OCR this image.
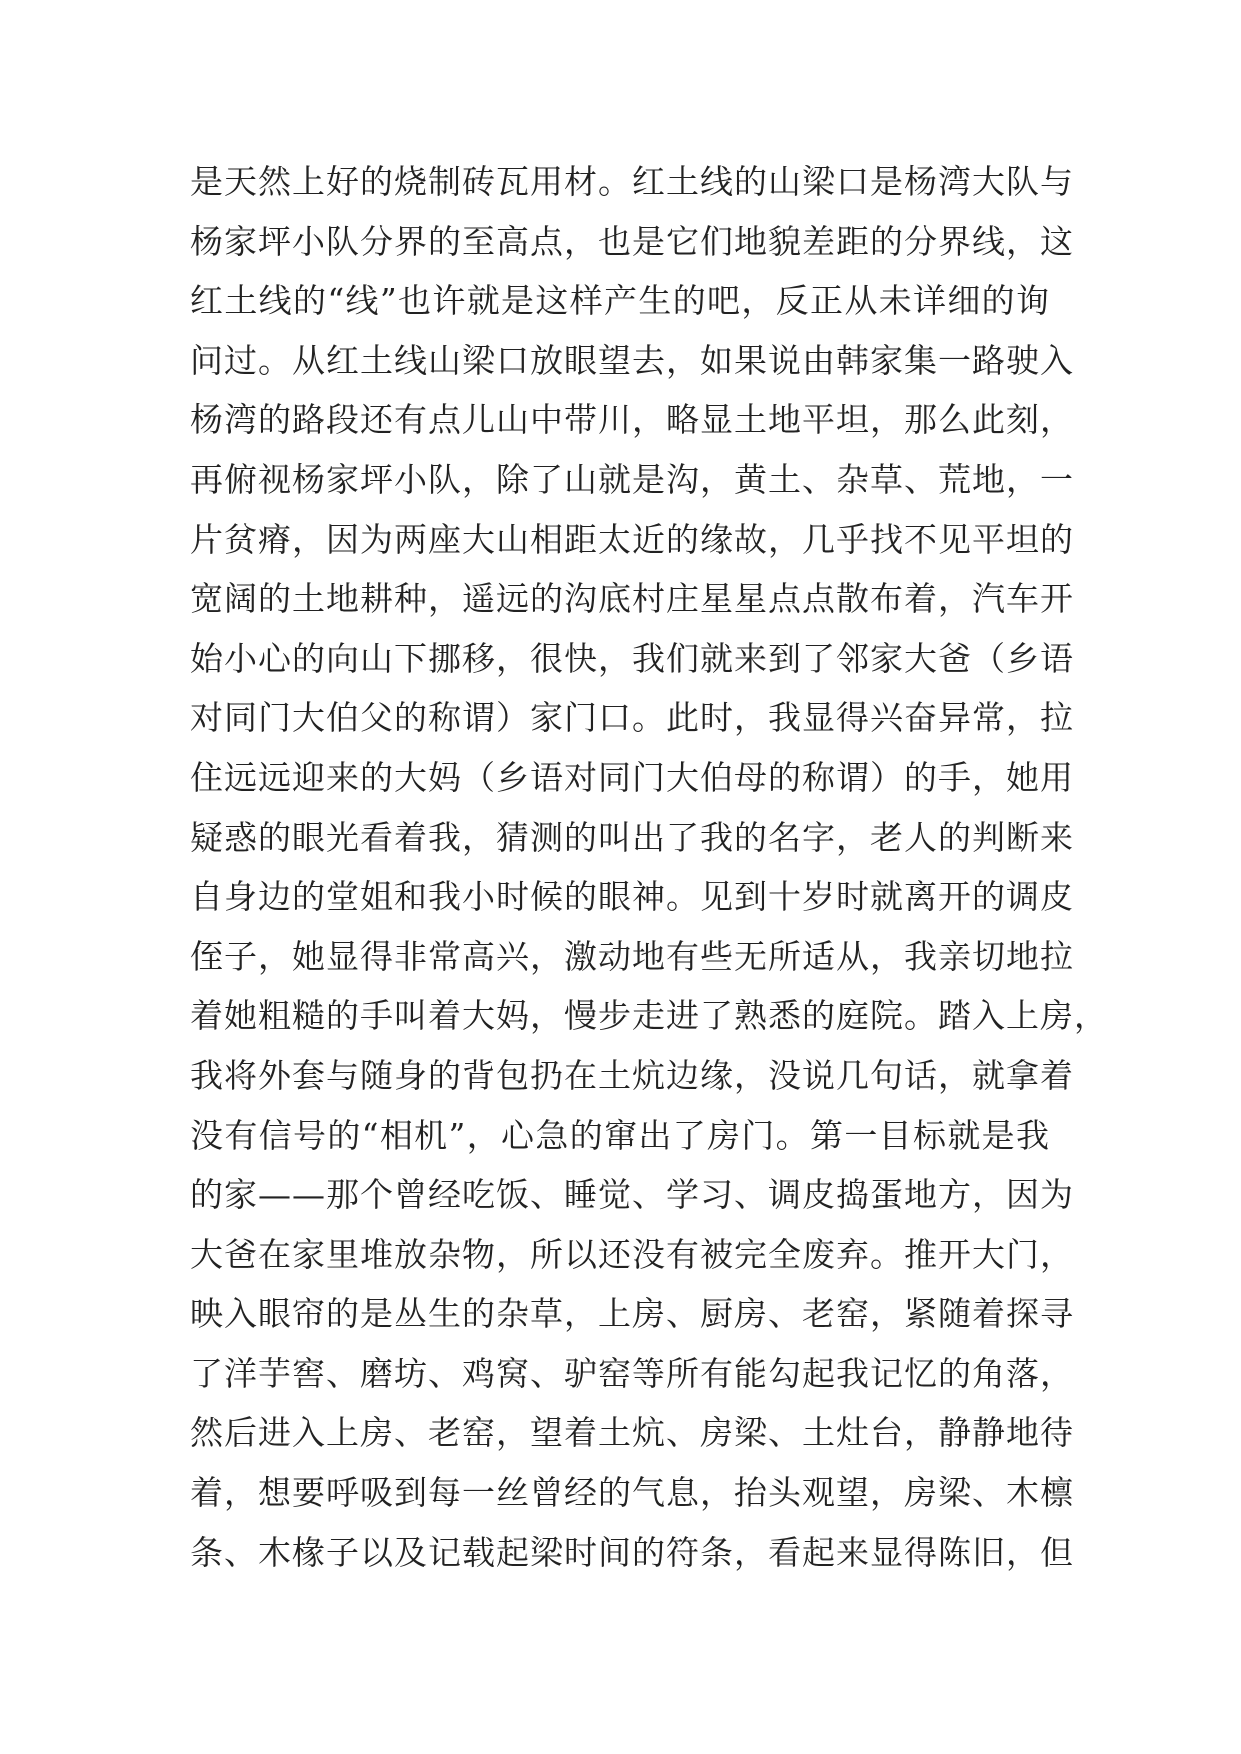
是天然上好的烧制砖瓦用材。红土线的山梁口是杨湾大队与
杨家坪小队分界的至高点，也是它们地貌差距的分界线，这
红土线的“线”也许就是这样产生的吧，反正从未详细的询
问过。从红土线山梁口放眼望去，如果说由韩家集一路驶入
杨湾的路段还有点儿山中带川，略显土地平坦，那么此刻，
再俯视杨家坪小队，除了山就是沟，黄土、杂草、荒地，一
片贫瘠，因为两座大山相距太近的缘故，几乎找不见平坦的
宽阔的土地耕种，遥远的沟底村庄星星点点散布着，汽车开
始小心的向山下挪移，很快，我们就来到了邻家大爸（乡语
对同门大伯父的称谓）家门口。此时，我显得兴奋异常，拉
住远远迎来的大妈（乡语对同门大伯母的称谓）的手，她用
疑惑的眼光看着我，猜测的叫出了我的名字，老人的判断来
自身边的堂姐和我小时候的眼神。见到十岁时就离开的调皮
侄子，她显得非常高兴，激动地有些无所适从，我亲切地拉
着她粗糙的手叫着大妈，慢步走进了熟悉的庭院。踏入上房，
我将外套与随身的背包扔在土炕边缘，没说几句话，就拿着
没有信号的“相机”，心急的窜出了房门。第一目标就是我
的家——那个曾经吃饭、睡觉、学习、调皮捣蛋地方，因为
大爸在家里堆放杂物，所以还没有被完全废弃。推开大门，
映入眼帘的是丛生的杂草，上房、厨房、老窑，紧随着探寻
了洋芋窖、磨坊、鸡窝、驴窑等所有能勾起我记忆的角落，
然后进入上房、老窑，望着土炕、房梁、土灶台，静静地待
着，想要呼吸到每一丝曾经的气息，抬头观望，房梁、木檩
条、木椽子以及记载起梁时间的符条，看起来显得陈旧，但
